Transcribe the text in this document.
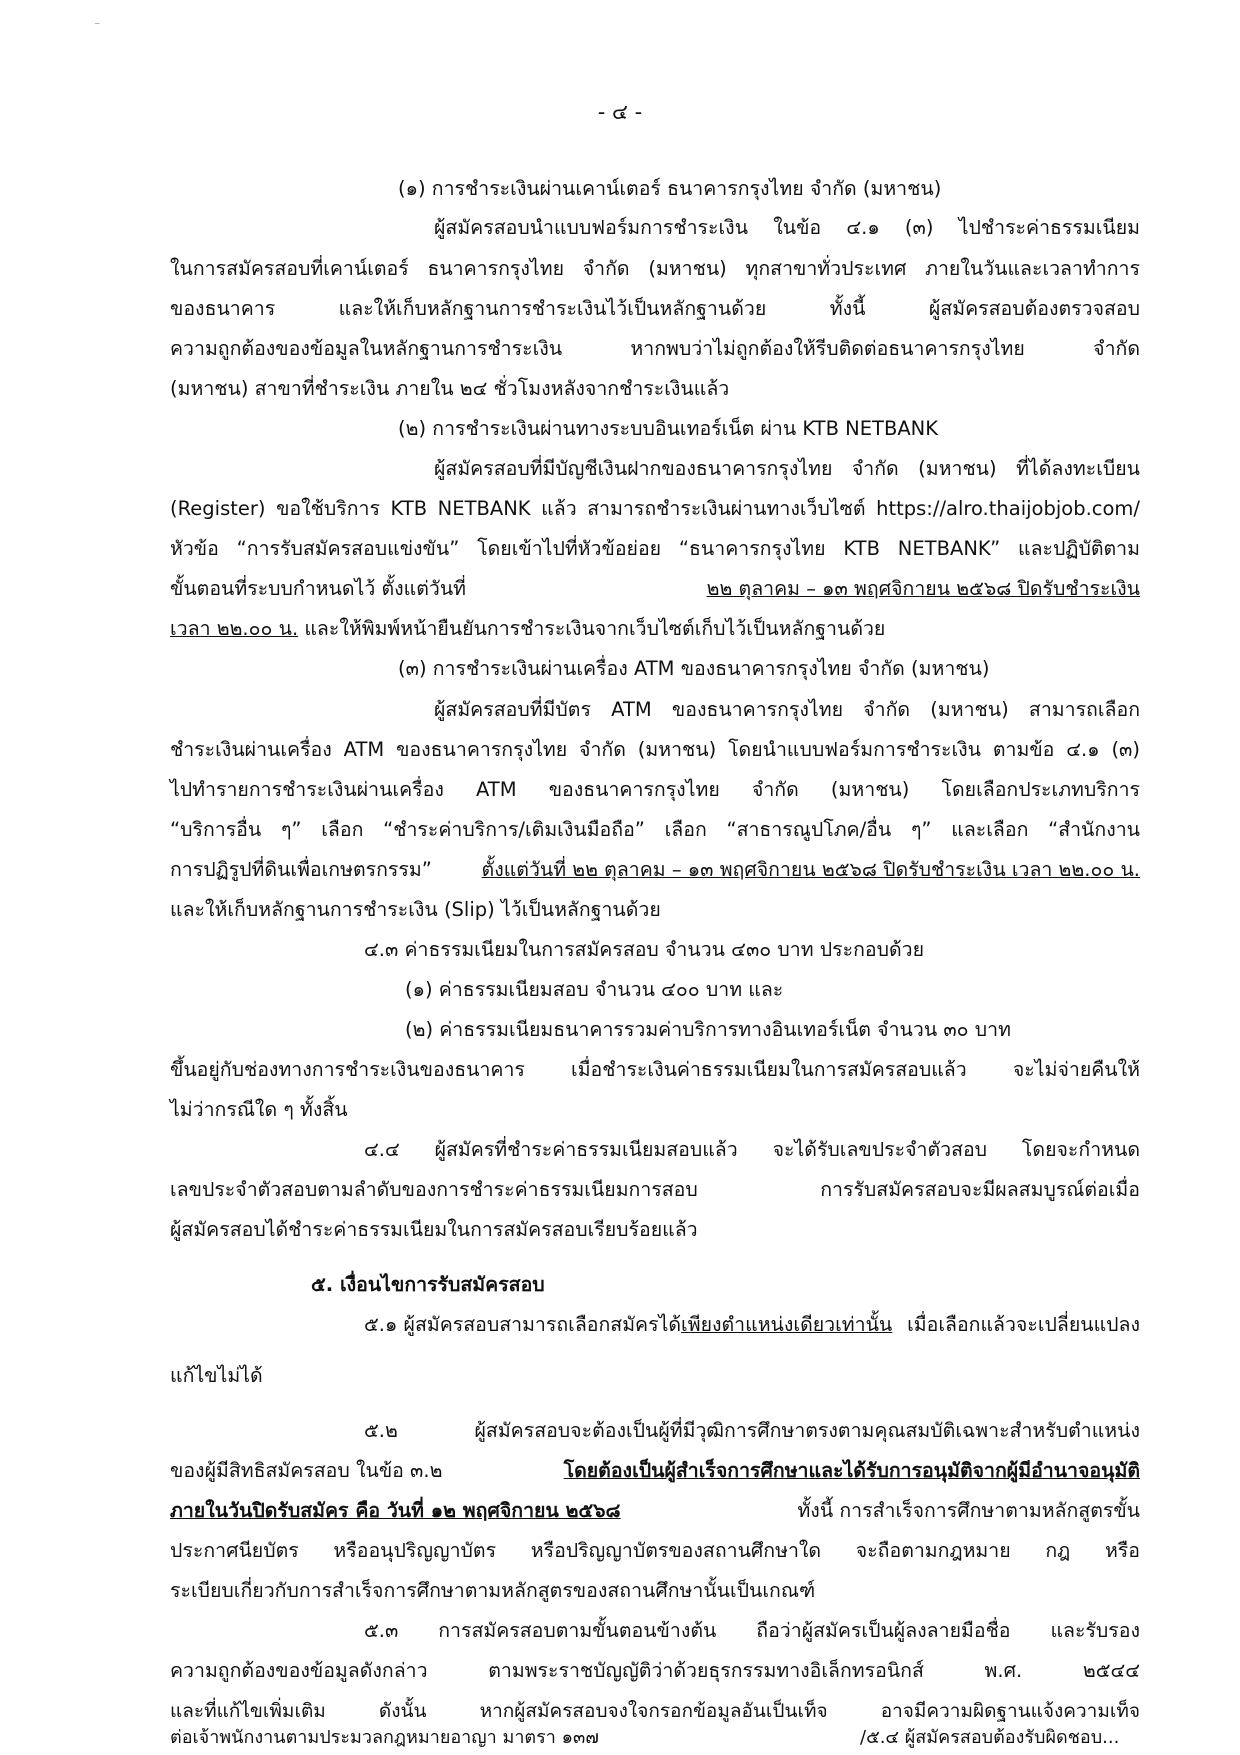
⁻
- ๔ -
(๑) การชำระเงินผ่านเคาน์เตอร์ ธนาคารกรุงไทย จำกัด (มหาชน)
ผู้สมัครสอบนำแบบฟอร์มการชำระเงิน ในข้อ ๔.๑ (๓) ไปชำระค่าธรรมเนียม
ในการสมัครสอบที่เคาน์เตอร์ ธนาคารกรุงไทย จำกัด (มหาชน) ทุกสาขาทั่วประเทศ ภายในวันและเวลาทำการ
ของธนาคาร และให้เก็บหลักฐานการชำระเงินไว้เป็นหลักฐานด้วย ทั้งนี้ ผู้สมัครสอบต้องตรวจสอบ
ความถูกต้องของข้อมูลในหลักฐานการชำระเงิน หากพบว่าไม่ถูกต้องให้รีบติดต่อธนาคารกรุงไทย จำกัด
(มหาชน) สาขาที่ชำระเงิน ภายใน ๒๔ ชั่วโมงหลังจากชำระเงินแล้ว
(๒) การชำระเงินผ่านทางระบบอินเทอร์เน็ต ผ่าน KTB NETBANK
ผู้สมัครสอบที่มีบัญชีเงินฝากของธนาคารกรุงไทย จำกัด (มหาชน) ที่ได้ลงทะเบียน
(Register) ขอใช้บริการ KTB NETBANK แล้ว สามารถชำระเงินผ่านทางเว็บไซต์ https://alro.thaijobjob.com/
หัวข้อ “การรับสมัครสอบแข่งขัน” โดยเข้าไปที่หัวข้อย่อย “ธนาคารกรุงไทย KTB NETBANK” และปฏิบัติตาม
ขั้นตอนที่ระบบกำหนดไว้ ตั้งแต่วันที่	๒๒ ตุลาคม – ๑๓ พฤศจิกายน ๒๕๖๘ ปิดรับชำระเงิน
เวลา ๒๒.๐๐ น. และให้พิมพ์หน้ายืนยันการชำระเงินจากเว็บไซต์เก็บไว้เป็นหลักฐานด้วย
(๓) การชำระเงินผ่านเครื่อง ATM ของธนาคารกรุงไทย จำกัด (มหาชน)
ผู้สมัครสอบที่มีบัตร ATM ของธนาคารกรุงไทย จำกัด (มหาชน) สามารถเลือก
ชำระเงินผ่านเครื่อง ATM ของธนาคารกรุงไทย จำกัด (มหาชน) โดยนำแบบฟอร์มการชำระเงิน ตามข้อ ๔.๑ (๓)
ไปทำรายการชำระเงินผ่านเครื่อง ATM ของธนาคารกรุงไทย จำกัด (มหาชน) โดยเลือกประเภทบริการ
“บริการอื่น ๆ” เลือก “ชำระค่าบริการ/เติมเงินมือถือ” เลือก “สาธารณูปโภค/อื่น ๆ” และเลือก “สำนักงาน
การปฏิรูปที่ดินเพื่อเกษตรกรรม”	ตั้งแต่วันที่ ๒๒ ตุลาคม – ๑๓ พฤศจิกายน ๒๕๖๘ ปิดรับชำระเงิน เวลา ๒๒.๐๐ น.
และให้เก็บหลักฐานการชำระเงิน (Slip) ไว้เป็นหลักฐานด้วย
๔.๓ ค่าธรรมเนียมในการสมัครสอบ จำนวน ๔๓๐ บาท ประกอบด้วย
(๑) ค่าธรรมเนียมสอบ จำนวน ๔๐๐ บาท และ
(๒) ค่าธรรมเนียมธนาคารรวมค่าบริการทางอินเทอร์เน็ต จำนวน ๓๐ บาท
ขึ้นอยู่กับช่องทางการชำระเงินของธนาคาร เมื่อชำระเงินค่าธรรมเนียมในการสมัครสอบแล้ว จะไม่จ่ายคืนให้
ไม่ว่ากรณีใด ๆ ทั้งสิ้น
๔.๔ ผู้สมัครที่ชำระค่าธรรมเนียมสอบแล้ว จะได้รับเลขประจำตัวสอบ โดยจะกำหนด
เลขประจำตัวสอบตามลำดับของการชำระค่าธรรมเนียมการสอบ การรับสมัครสอบจะมีผลสมบูรณ์ต่อเมื่อ
ผู้สมัครสอบได้ชำระค่าธรรมเนียมในการสมัครสอบเรียบร้อยแล้ว
๕. เงื่อนไขการรับสมัครสอบ
๕.๑ ผู้สมัครสอบสามารถเลือกสมัครได้เพียงตำแหน่งเดียวเท่านั้น เมื่อเลือกแล้วจะเปลี่ยนแปลง
แก้ไขไม่ได้
๕.๒ ผู้สมัครสอบจะต้องเป็นผู้ที่มีวุฒิการศึกษาตรงตามคุณสมบัติเฉพาะสำหรับตำแหน่ง
ของผู้มีสิทธิสมัครสอบ ในข้อ ๓.๒	โดยต้องเป็นผู้สำเร็จการศึกษาและได้รับการอนุมัติจากผู้มีอำนาจอนุมัติ
ภายในวันปิดรับสมัคร คือ วันที่ ๑๒ พฤศจิกายน ๒๕๖๘	ทั้งนี้ การสำเร็จการศึกษาตามหลักสูตรขั้น
ประกาศนียบัตร หรืออนุปริญญาบัตร หรือปริญญาบัตรของสถานศึกษาใด จะถือตามกฎหมาย กฎ หรือ
ระเบียบเกี่ยวกับการสำเร็จการศึกษาตามหลักสูตรของสถานศึกษานั้นเป็นเกณฑ์
๕.๓ การสมัครสอบตามขั้นตอนข้างต้น ถือว่าผู้สมัครเป็นผู้ลงลายมือชื่อ และรับรอง
ความถูกต้องของข้อมูลดังกล่าว ตามพระราชบัญญัติว่าด้วยธุรกรรมทางอิเล็กทรอนิกส์ พ.ศ. ๒๕๔๔
และที่แก้ไขเพิ่มเติม ดังนั้น หากผู้สมัครสอบจงใจกรอกข้อมูลอันเป็นเท็จ อาจมีความผิดฐานแจ้งความเท็จ
ต่อเจ้าพนักงานตามประมวลกฎหมายอาญา มาตรา ๑๓๗	/๕.๔ ผู้สมัครสอบต้องรับผิดชอบ...
